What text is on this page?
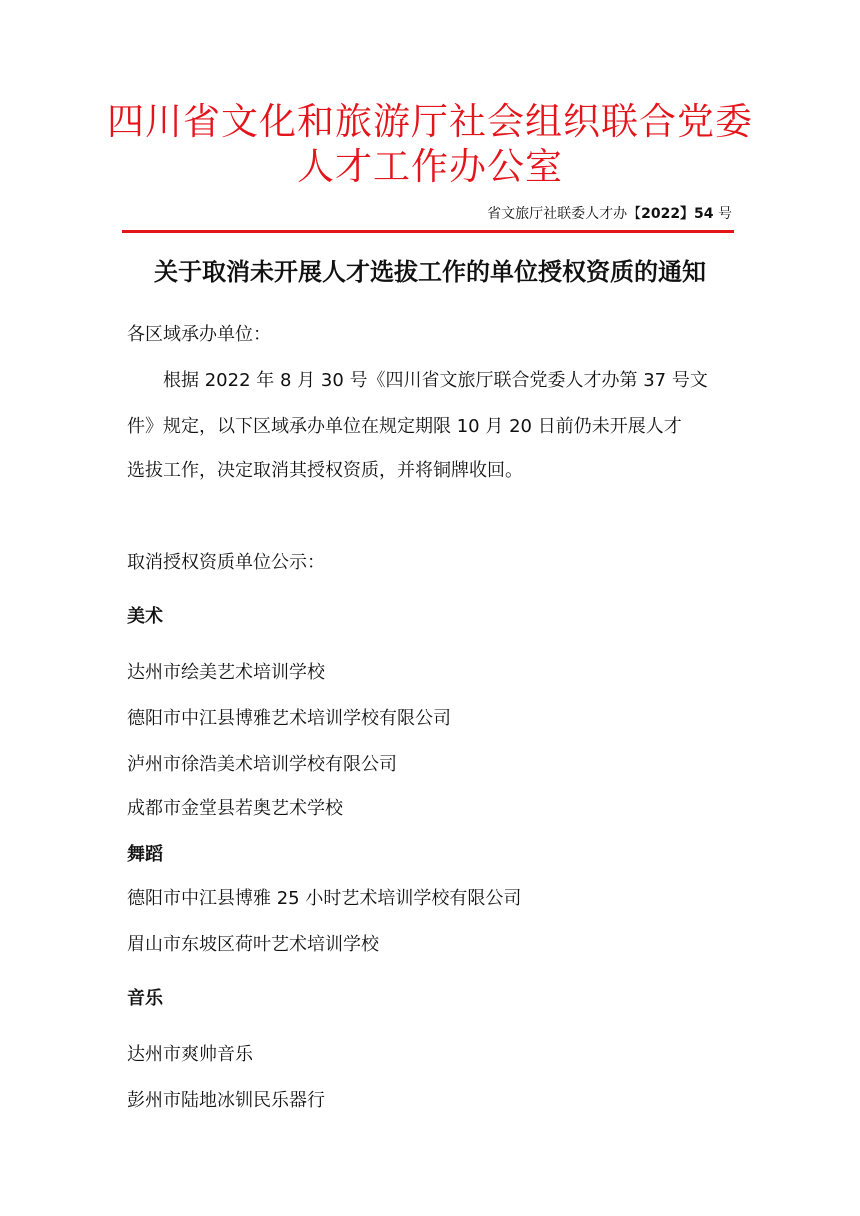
四川省文化和旅游厅社会组织联合党委
人才工作办公室
省文旅厅社联委人才办【2022】54 号
关于取消未开展人才选拔工作的单位授权资质的通知
各区域承办单位：
根据 2022 年 8 月 30 号《四川省文旅厅联合党委人才办第 37 号文
件》规定，以下区域承办单位在规定期限 10 月 20 日前仍未开展人才
选拔工作，决定取消其授权资质，并将铜牌收回。
取消授权资质单位公示：
美术
达州市绘美艺术培训学校
德阳市中江县博雅艺术培训学校有限公司
泸州市徐浩美术培训学校有限公司
成都市金堂县若奥艺术学校
舞蹈
德阳市中江县博雅 25 小时艺术培训学校有限公司
眉山市东坡区荷叶艺术培训学校
音乐
达州市爽帅音乐
彭州市陆地冰钏民乐器行
